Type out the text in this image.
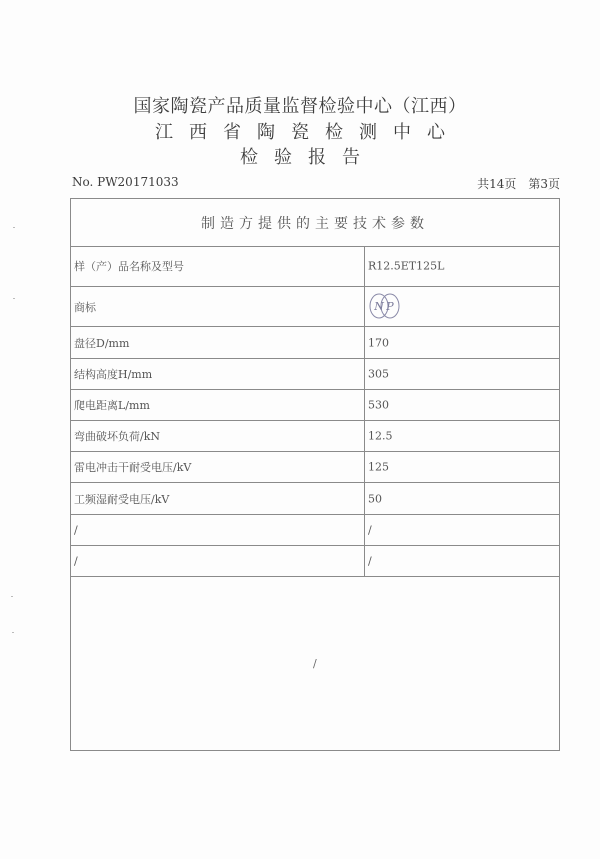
国家陶瓷产品质量监督检验中心（江西）
江西省陶瓷检测中心
检验报告
No. PW20171033	共14页　第3页
制造方提供的主要技术参数
样（产）品名称及型号	R12.5ET125L
商标	N P
盘径D/mm	170
结构高度H/mm	305
爬电距离L/mm	530
弯曲破坏负荷/kN	12.5
雷电冲击干耐受电压/kV	125
工频湿耐受电压/kV	50
/	/
/	/
/
